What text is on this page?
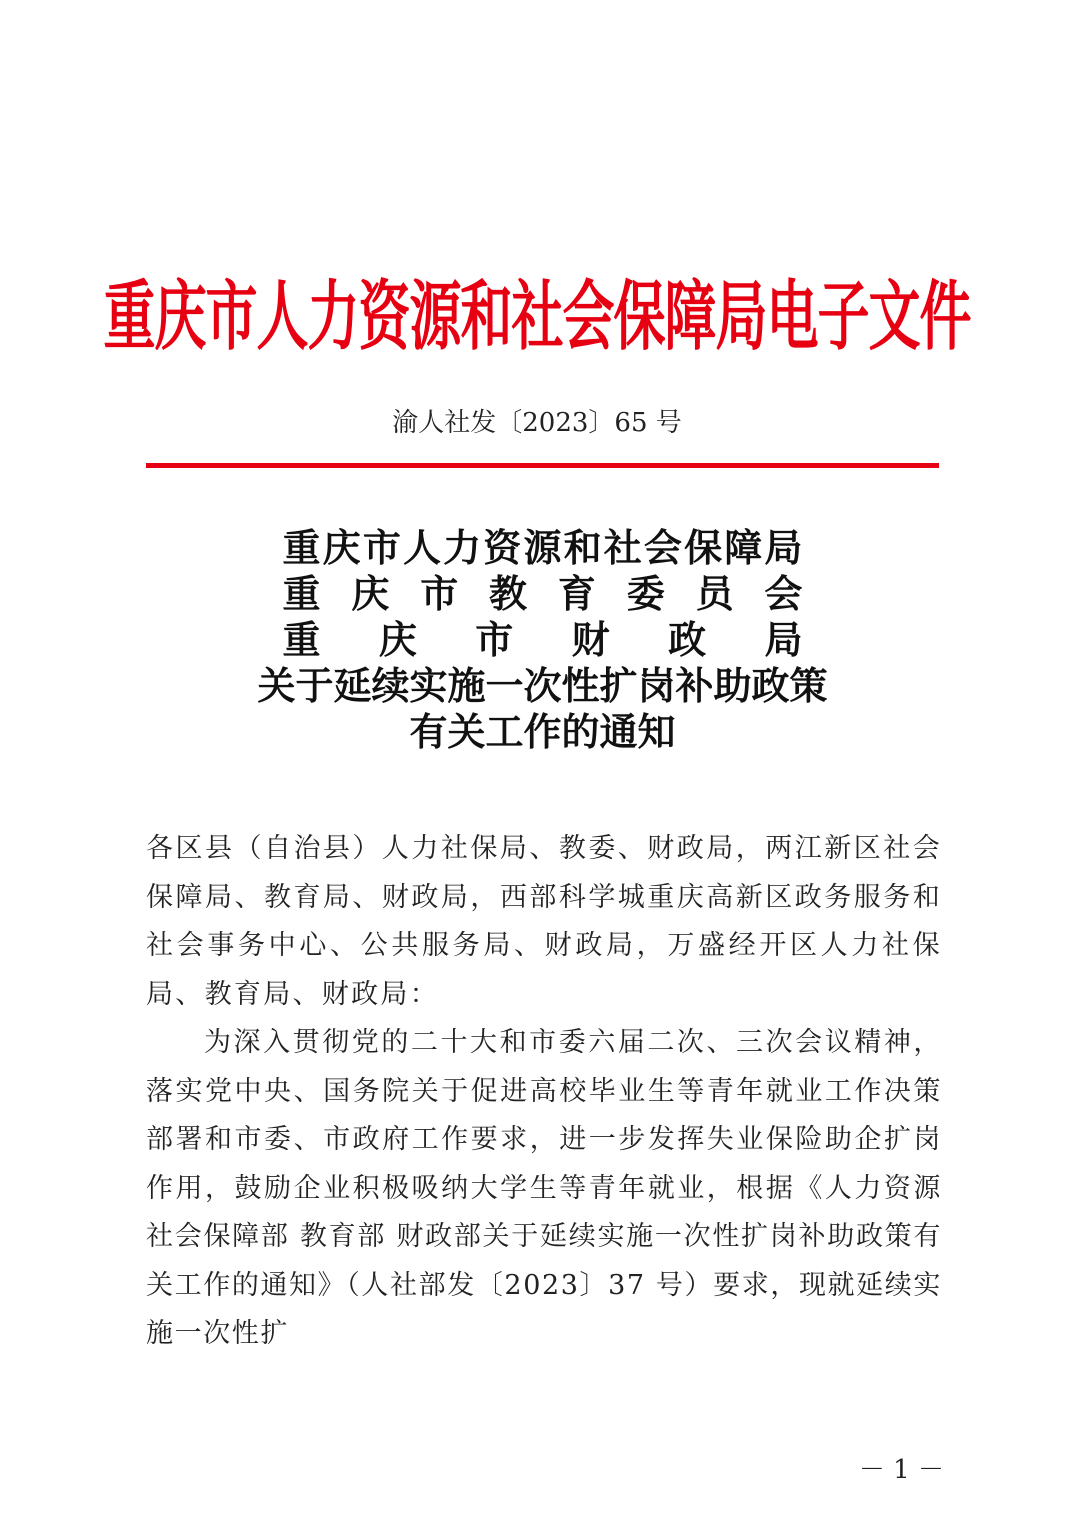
重庆市人力资源和社会保障局电子文件
渝人社发〔2023〕65 号
重 庆 市 人 力 资 源 和 社 会 保 障 局
重 庆 市 教 育 委 员 会
重 庆 市 财 政 局
关于延续实施一次性扩岗补助政策
有关工作的通知

各区县（自治县）人力社保局、教委、财政局，两江新区社会保障局、教育局、财政局，西部科学城重庆高新区政务服务和社会事务中心、公共服务局、财政局，万盛经开区人力社保局、教育局、财政局：

为深入贯彻党的二十大和市委六届二次、三次会议精神，落实党中央、国务院关于促进高校毕业生等青年就业工作决策部署和市委、市政府工作要求，进一步发挥失业保险助企扩岗作用，鼓励企业积极吸纳大学生等青年就业，根据《人力资源社会保障部 教育部 财政部关于延续实施一次性扩岗补助政策有关工作的通知》（人社部发〔2023〕37 号）要求，现就延续实施一次性扩

－ 1 －
